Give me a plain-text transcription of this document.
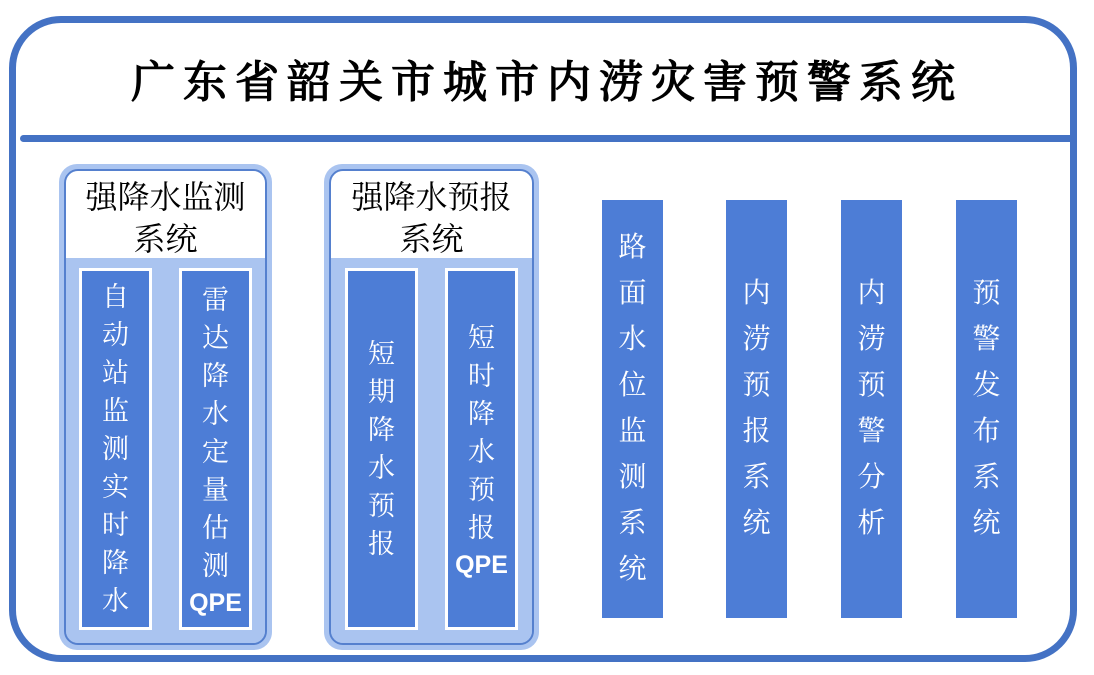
广东省韶关市城市内涝灾害预警系统
强降水监测
系统
自动站监测实时降水
雷达降水定量估测
QPE
强降水预报
系统
短期降水预报
短时降水预报
QPE
路面水位监测系统
内涝预报系统
内涝预警分析
预警发布系统
